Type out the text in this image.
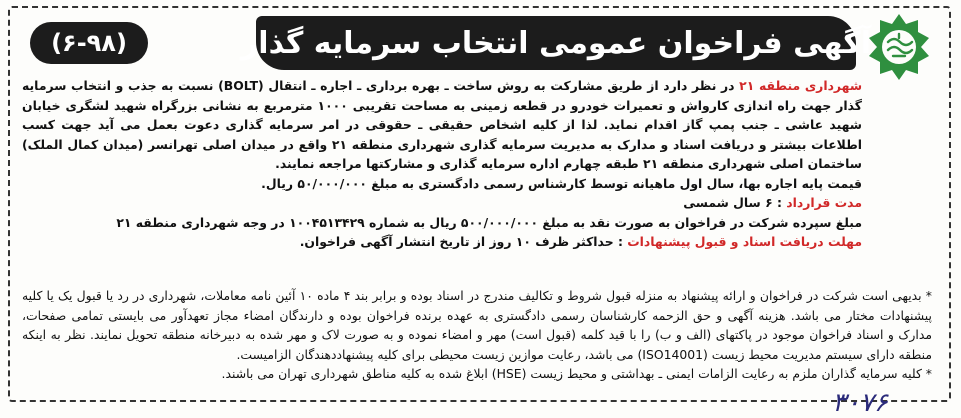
(۶-۹۸)	آگهی فراخوان عمومی انتخاب سرمایه گذار

شهرداری منطقه ۲۱ در نظر دارد از طریق مشارکت به روش ساخت ـ بهره برداری ـ اجاره ـ انتقال (BOLT) نسبت به جذب و انتخاب سرمایه گذار جهت راه اندازی کارواش و تعمیرات خودرو در قطعه زمینی به مساحت تقریبی ۱۰۰۰ مترمربع به نشانی بزرگراه شهید لشگری خیابان شهید عاشی ـ جنب پمپ گاز اقدام نماید. لذا از کلیه اشخاص حقیقی ـ حقوقی در امر سرمایه گذاری دعوت بعمل می آید جهت کسب اطلاعات بیشتر و دریافت اسناد و مدارک به مدیریت سرمایه گذاری شهرداری منطقه ۲۱ واقع در میدان اصلی تهرانسر (میدان کمال الملک) ساختمان اصلی شهرداری منطقه ۲۱ طبقه چهارم اداره سرمایه گذاری و مشارکتها مراجعه نمایند.

قیمت پایه اجاره بها، سال اول ماهیانه توسط کارشناس رسمی دادگستری به مبلغ ۵۰/۰۰۰/۰۰۰ ریال.

مدت قرارداد : ۶ سال شمسی

مبلغ سپرده شرکت در فراخوان به صورت نقد به مبلغ ۵۰۰/۰۰۰/۰۰۰ ریال به شماره ۱۰۰۴۵۱۳۴۲۹ در وجه شهرداری منطقه ۲۱

مهلت دریافت اسناد و قبول پیشنهادات : حداکثر ظرف ۱۰ روز از تاریخ انتشار آگهی فراخوان.

* بدیهی است شرکت در فراخوان و ارائه پیشنهاد به منزله قبول شروط و تکالیف مندرج در اسناد بوده و برابر بند ۴ ماده ۱۰ آئین نامه معاملات، شهرداری در رد یا قبول یک یا کلیه پیشنهادات مختار می باشد. هزینه آگهی و حق الزحمه کارشناسان رسمی دادگستری به عهده برنده فراخوان بوده و دارندگان امضاء مجاز تعهدآور می بایستی تمامی صفحات، مدارک و اسناد فراخوان موجود در پاکتهای (الف و ب) را با قید کلمه (قبول است) مهر و امضاء نموده و به صورت لاک و مهر شده به دبیرخانه منطقه تحویل نمایند. نظر به اینکه منطقه دارای سیستم مدیریت محیط زیست (ISO14001) می باشد، رعایت موازین زیست محیطی برای کلیه پیشنهاددهندگان الزامیست.

* کلیه سرمایه گذاران ملزم به رعایت الزامات ایمنی ـ بهداشتی و محیط زیست (HSE) ابلاغ شده به کلیه مناطق شهرداری تهران می باشند.

۳۰۷۶
